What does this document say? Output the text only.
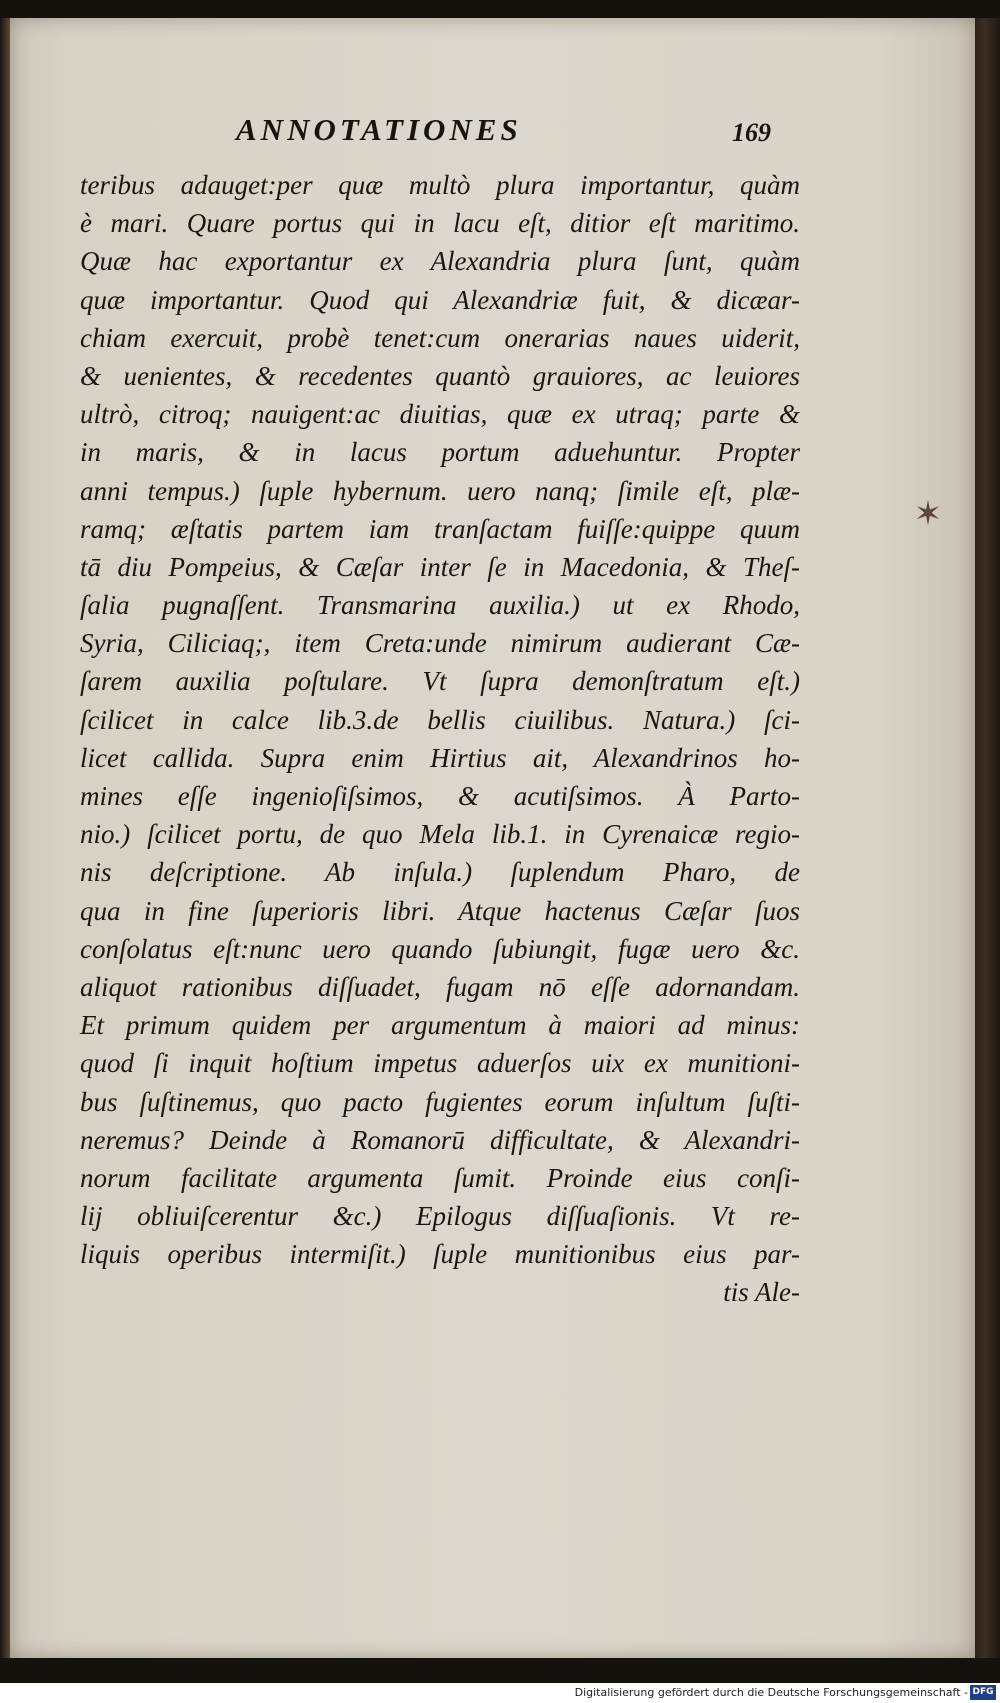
ANNOTATIONES	169
teribus adauget:per quæ multò plura importantur, quàm
è mari. Quare portus qui in lacu eſt, ditior eſt maritimo.
Quæ hac exportantur ex Alexandria plura ſunt, quàm
quæ importantur. Quod qui Alexandriæ fuit, & dicæar-
chiam exercuit, probè tenet:cum onerarias naues uiderit,
& uenientes, & recedentes quantò grauiores, ac leuiores
ultrò, citroq; nauigent:ac diuitias, quæ ex utraq; parte &
in maris, & in lacus portum aduehuntur. Propter
anni tempus.) ſuple hybernum. uero nanq; ſimile eſt, plæ-
ramq; æſtatis partem iam tranſactam fuiſſe:quippe quum
tā diu Pompeius, & Cæſar inter ſe in Macedonia, & Theſ-
ſalia pugnaſſent. Transmarina auxilia.) ut ex Rhodo,
Syria, Ciliciaq;, item Creta:unde nimirum audierant Cæ-
ſarem auxilia poſtulare. Vt ſupra demonſtratum eſt.)
ſcilicet in calce lib.3.de bellis ciuilibus. Natura.) ſci-
licet callida. Supra enim Hirtius ait, Alexandrinos ho-
mines eſſe ingenioſiſsimos, & acutiſsimos. À Parto-
nio.) ſcilicet portu, de quo Mela lib.1. in Cyrenaicæ regio-
nis deſcriptione. Ab inſula.) ſuplendum Pharo, de
qua in fine ſuperioris libri. Atque hactenus Cæſar ſuos
conſolatus eſt:nunc uero quando ſubiungit, fugæ uero &c.
aliquot rationibus diſſuadet, fugam nō eſſe adornandam.
Et primum quidem per argumentum à maiori ad minus:
quod ſi inquit hoſtium impetus aduerſos uix ex munitioni-
bus ſuſtinemus, quo pacto fugientes eorum inſultum ſuſti-
neremus? Deinde à Romanorū difficultate, & Alexandri-
norum facilitate argumenta ſumit. Proinde eius conſi-
lij obliuiſcerentur &c.) Epilogus diſſuaſionis. Vt re-
liquis operibus intermiſit.) ſuple munitionibus eius par-
tis Ale-
✶
Digitalisierung gefördert durch die Deutsche Forschungsgemeinschaft - DFG
